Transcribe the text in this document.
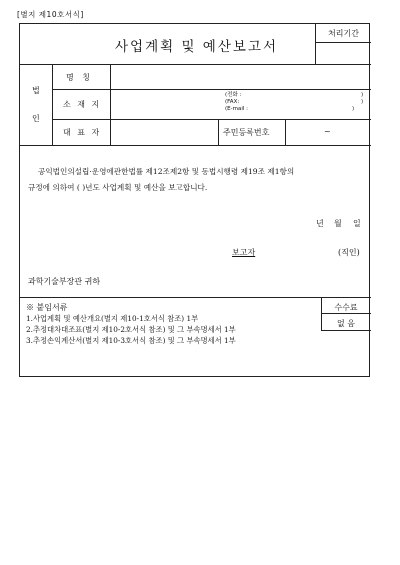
[별지 제10호서식]
사업계획 및 예산보고서
처리기간
법
인
명 칭
소 재 지
대 표 자
(전화 :
(FAX:
(E-mail :
)
)
)
주민등록번호	~
공익법인의설립·운영에관한법률 제12조제2항 및 동법시행령 제19조 제1항의
규정에 의하여 ( )년도 사업계획 및 예산을 보고합니다.
년 월 일
보고자	(직인)
과학기술부장관 귀하
※ 붙임서류
1.사업계획 및 예산개요(별지 제10-1호서식 참조) 1부
2.추정대차대조표(별지 제10-2호서식 참조) 및 그 부속명세서 1부
3.추정손익계산서(별지 제10-3호서식 참조) 및 그 부속명세서 1부
수수료
없 음
